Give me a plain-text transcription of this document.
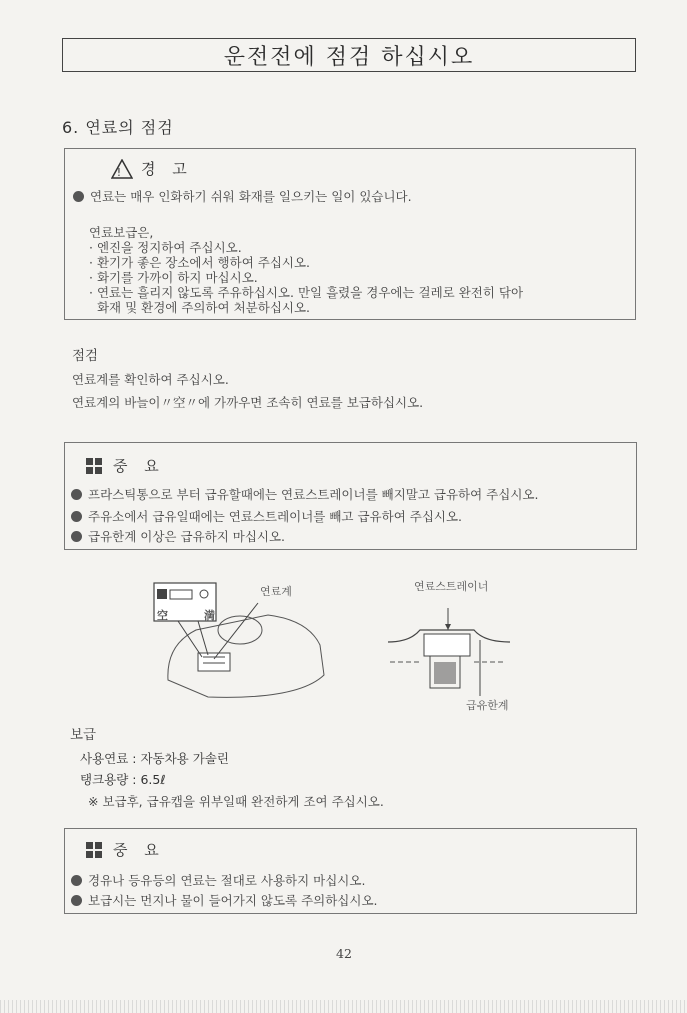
운전전에 점검 하십시오
6. 연료의 점검
! 경 고
연료는 매우 인화하기 쉬워 화재를 일으키는 일이 있습니다.
연료보급은,
· 엔진을 정지하여 주십시오.
· 환기가 좋은 장소에서 행하여 주십시오.
· 화기를 가까이 하지 마십시오.
· 연료는 흘리지 않도록 주유하십시오. 만일 흘렸을 경우에는 걸레로 완전히 닦아
화재 및 환경에 주의하여 처분하십시오.
점검
연료계를 확인하여 주십시오.
연료계의 바늘이〃空〃에 가까우면 조속히 연료를 보급하십시오.
중 요
프라스틱통으로 부터 급유할때에는 연료스트레이너를 빼지말고 급유하여 주십시오.
주유소에서 급유일때에는 연료스트레이너를 빼고 급유하여 주십시오.
급유한계 이상은 급유하지 마십시오.
空	満
연료계	연료스트레이너
급유한계
보급
사용연료 : 자동차용 가솔린
탱크용량 : 6.5ℓ
※ 보급후, 급유캡을 위부일때 완전하게 조여 주십시오.
중 요
경유나 등유등의 연료는 절대로 사용하지 마십시오.
보급시는 먼지나 물이 들어가지 않도록 주의하십시오.
42
